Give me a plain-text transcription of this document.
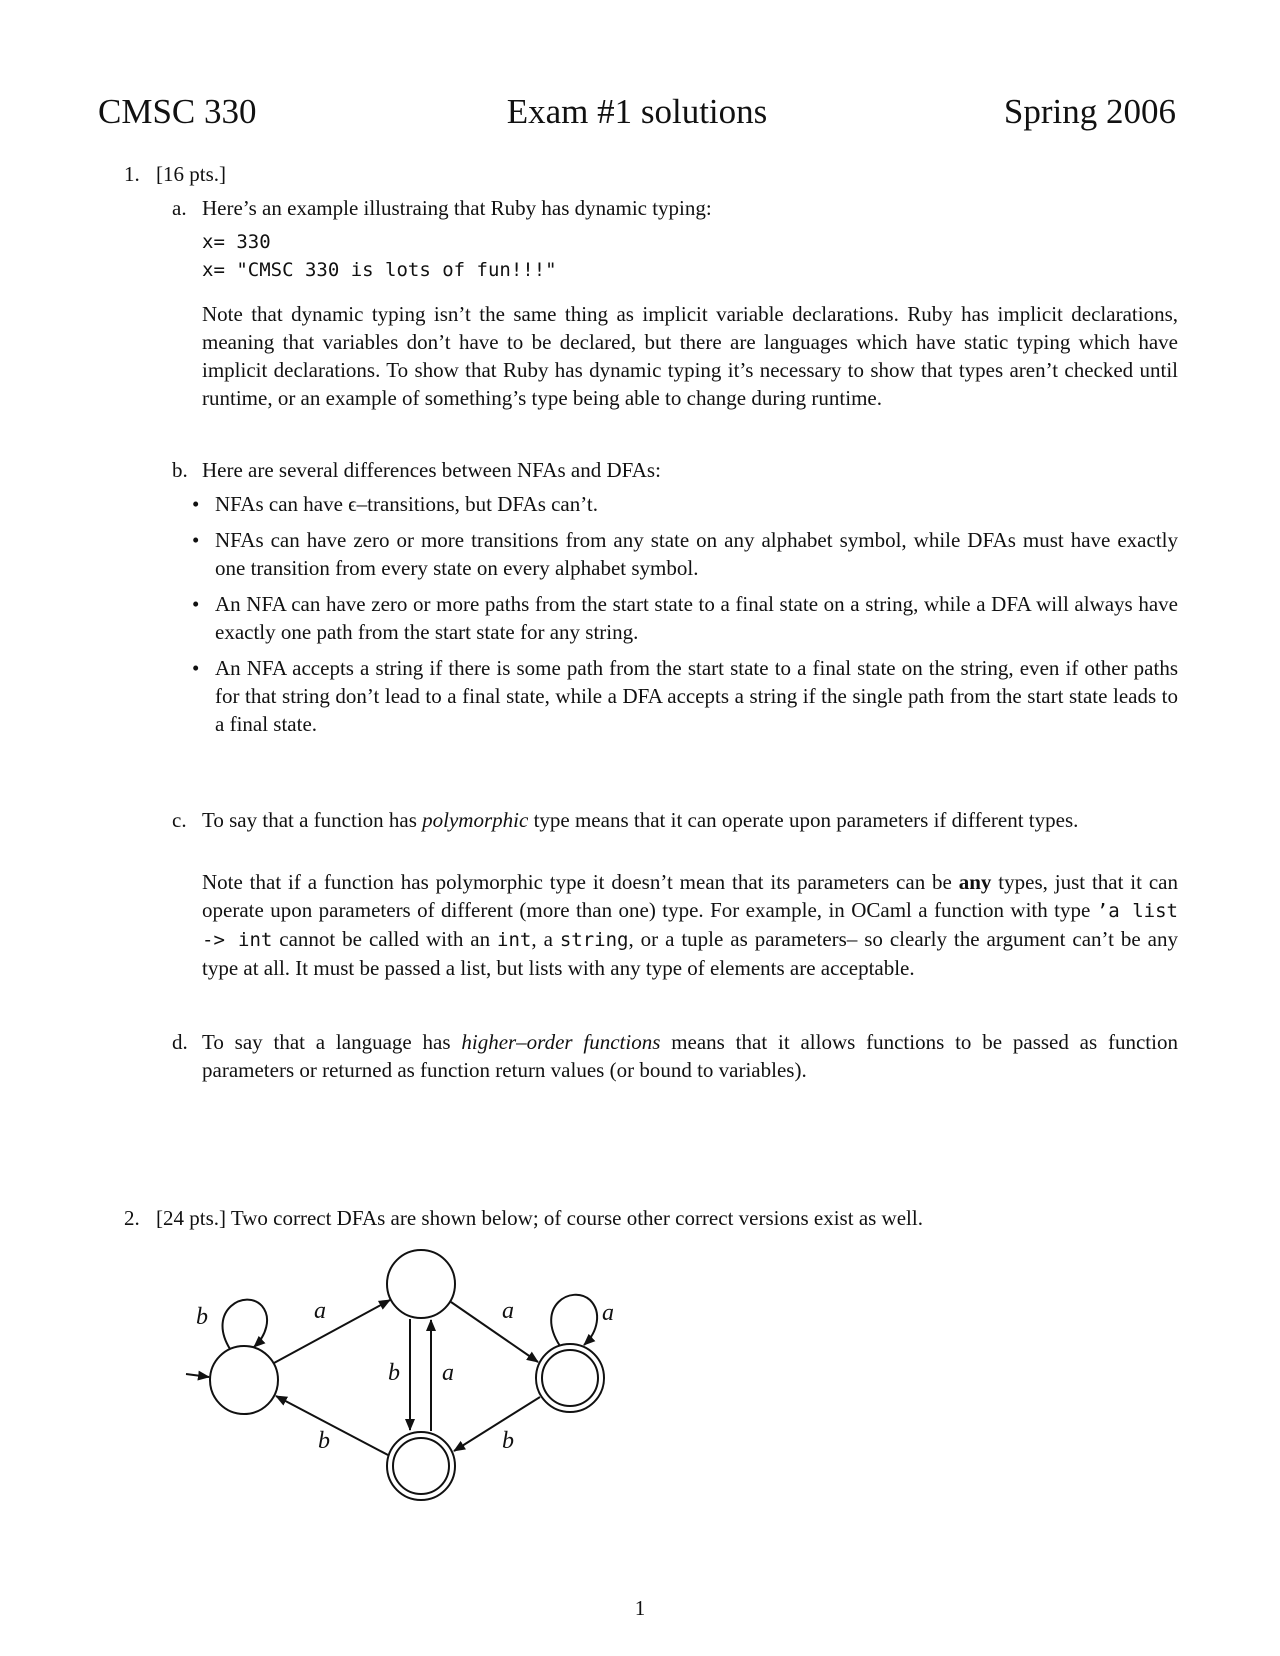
CMSC 330	Exam #1 solutions	Spring 2006
1. [16 pts.]
a. Here’s an example illustraing that Ruby has dynamic typing:
x= 330
x= "CMSC 330 is lots of fun!!!"
Note that dynamic typing isn’t the same thing as implicit variable declarations. Ruby has implicit declarations, meaning that variables don’t have to be declared, but there are languages which have static typing which have implicit declarations. To show that Ruby has dynamic typing it’s necessary to show that types aren’t checked until runtime, or an example of something’s type being able to change during runtime.
b. Here are several differences between NFAs and DFAs:
• NFAs can have ϵ–transitions, but DFAs can’t.
• NFAs can have zero or more transitions from any state on any alphabet symbol, while DFAs must have exactly one transition from every state on every alphabet symbol.
• An NFA can have zero or more paths from the start state to a final state on a string, while a DFA will always have exactly one path from the start state for any string.
• An NFA accepts a string if there is some path from the start state to a final state on the string, even if other paths for that string don’t lead to a final state, while a DFA accepts a string if the single path from the start state leads to a final state.
c. To say that a function has polymorphic type means that it can operate upon parameters if different types.
Note that if a function has polymorphic type it doesn’t mean that its parameters can be any types, just that it can operate upon parameters of different (more than one) type. For example, in OCaml a function with type ’a list -> int cannot be called with an int, a string, or a tuple as parameters– so clearly the argument can’t be any type at all. It must be passed a list, but lists with any type of elements are acceptable.
d. To say that a language has higher–order functions means that it allows functions to be passed as function parameters or returned as function return values (or bound to variables).
2. [24 pts.] Two correct DFAs are shown below; of course other correct versions exist as well.
b	a	a	a
b a
b	b
1
